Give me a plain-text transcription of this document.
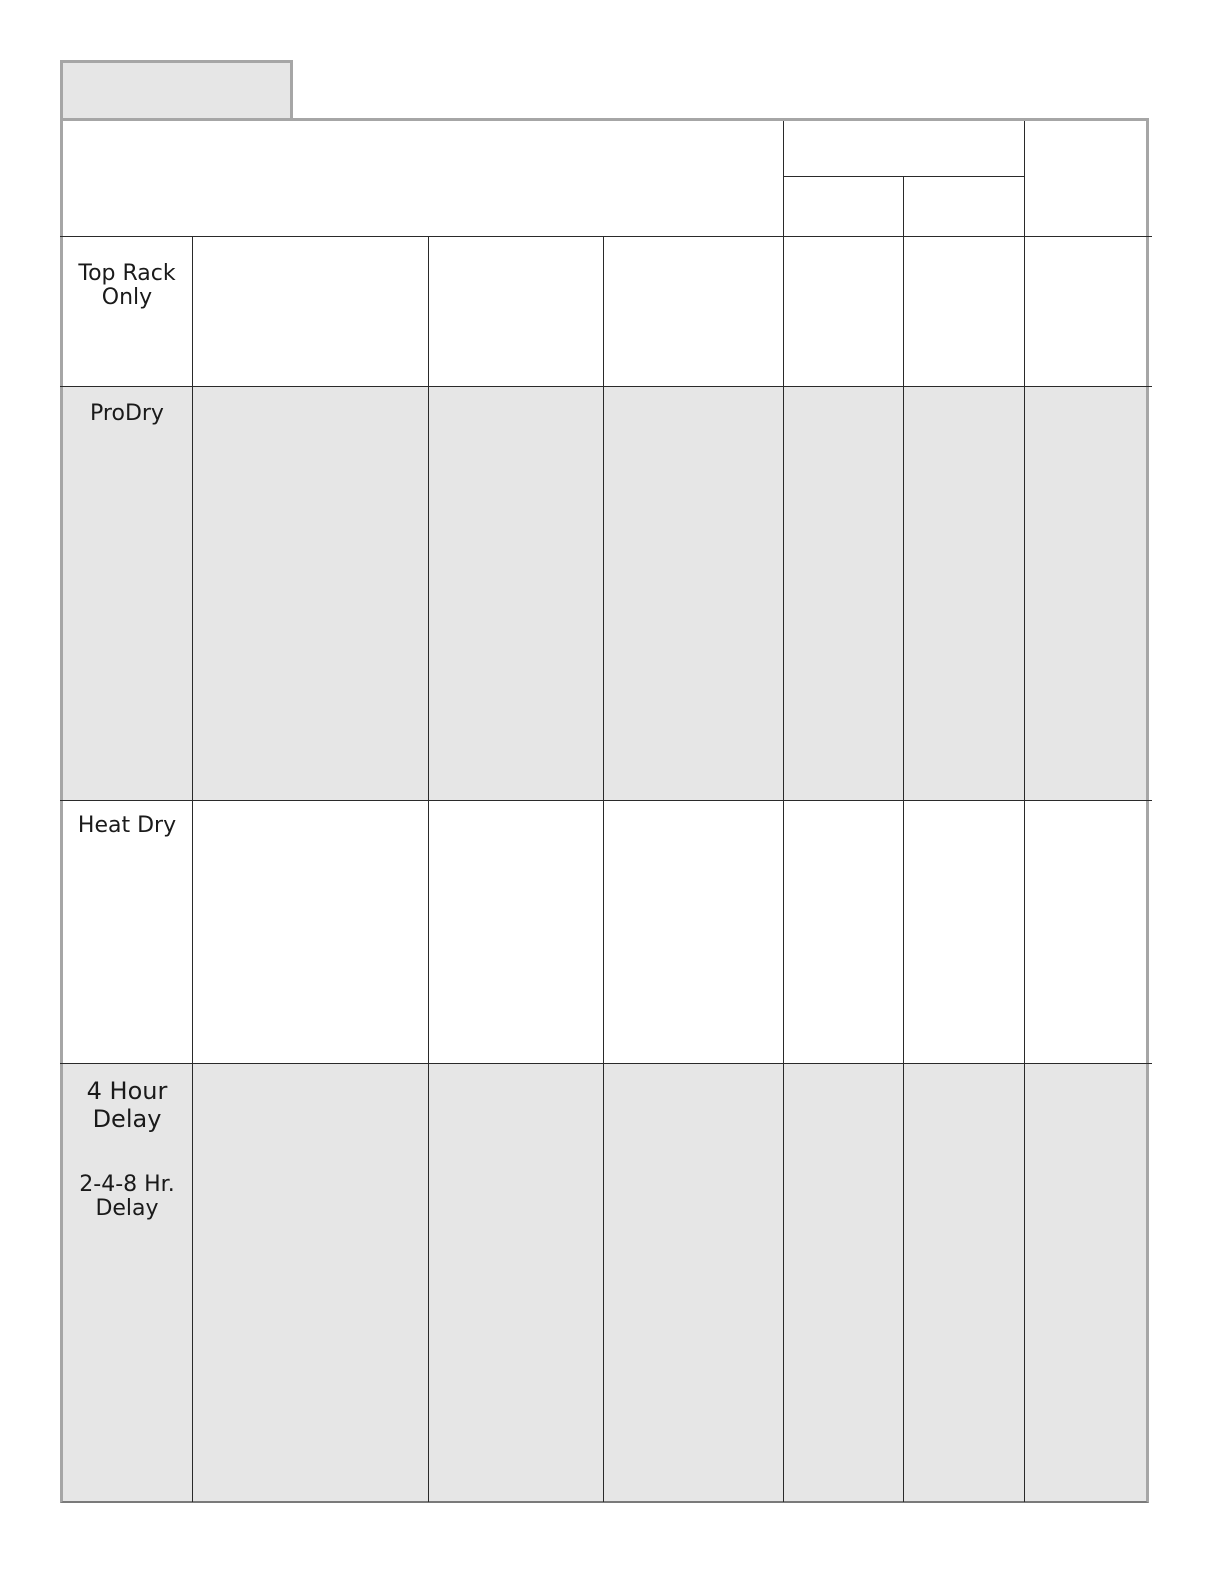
Top Rack
Only
ProDry
Heat Dry
4 Hour
Delay
2-4-8 Hr.
Delay
